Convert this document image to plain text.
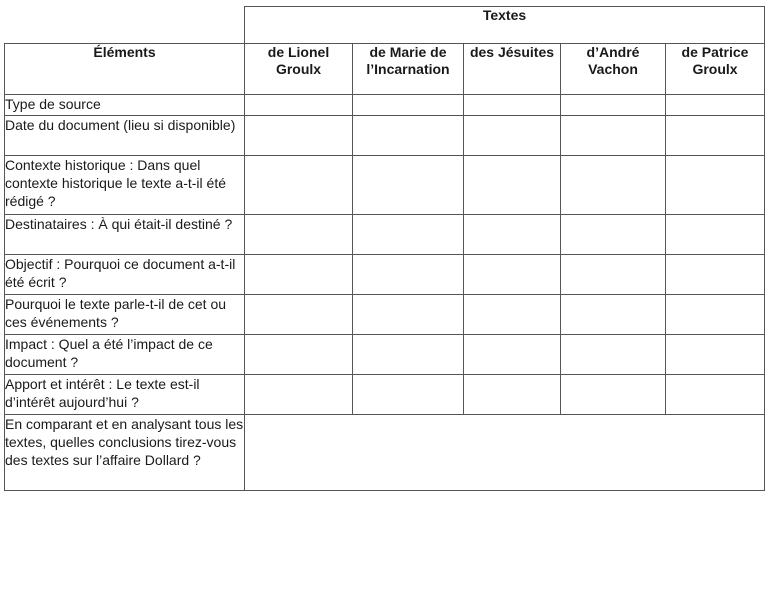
	Textes				
Éléments	de Lionel Groulx	de Marie de l’Incarnation	des Jésuites	d’André Vachon	de Patrice Groulx
Type de source					
Date du document (lieu si disponible)					
Contexte historique : Dans quel contexte historique le texte a-t-il été rédigé ?					
Destinataires : À qui était-il destiné ?					
Objectif : Pourquoi ce document a-t-il été écrit ?					
Pourquoi le texte parle-t-il de cet ou ces événements ?					
Impact : Quel a été l’impact de ce document ?					
Apport et intérêt : Le texte est-il d’intérêt aujourd’hui ?					
En comparant et en analysant tous les textes, quelles conclusions tirez-vous des textes sur l’affaire Dollard ?					
